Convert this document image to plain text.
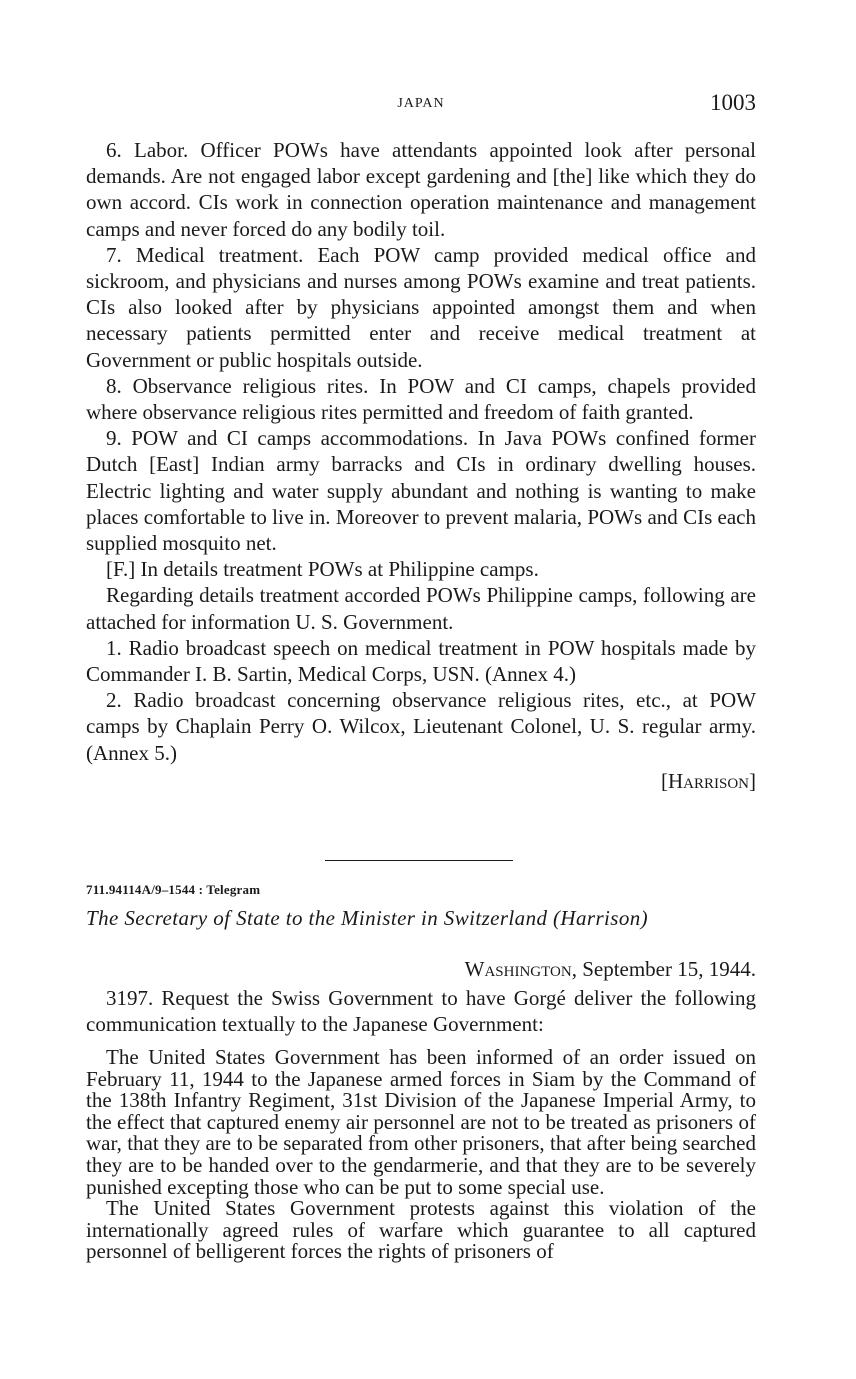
JAPAN	1003

6. Labor. Officer POWs have attendants appointed look after personal demands. Are not engaged labor except gardening and [the] like which they do own accord. CIs work in connection operation maintenance and management camps and never forced do any bodily toil.

7. Medical treatment. Each POW camp provided medical office and sickroom, and physicians and nurses among POWs examine and treat patients. CIs also looked after by physicians appointed amongst them and when necessary patients permitted enter and receive medical treatment at Government or public hospitals outside.

8. Observance religious rites. In POW and CI camps, chapels provided where observance religious rites permitted and freedom of faith granted.

9. POW and CI camps accommodations. In Java POWs confined former Dutch [East] Indian army barracks and CIs in ordinary dwelling houses. Electric lighting and water supply abundant and nothing is wanting to make places comfortable to live in. Moreover to prevent malaria, POWs and CIs each supplied mosquito net.

[F.] In details treatment POWs at Philippine camps.

Regarding details treatment accorded POWs Philippine camps, following are attached for information U. S. Government.

1. Radio broadcast speech on medical treatment in POW hospitals made by Commander I. B. Sartin, Medical Corps, USN. (Annex 4.)

2. Radio broadcast concerning observance religious rites, etc., at POW camps by Chaplain Perry O. Wilcox, Lieutenant Colonel, U. S. regular army. (Annex 5.)

[Harrison]
711.94114A/9–1544 : Telegram
The Secretary of State to the Minister in Switzerland (Harrison)
Washington, September 15, 1944.

3197. Request the Swiss Government to have Gorgé deliver the following communication textually to the Japanese Government:

The United States Government has been informed of an order issued on February 11, 1944 to the Japanese armed forces in Siam by the Command of the 138th Infantry Regiment, 31st Division of the Japanese Imperial Army, to the effect that captured enemy air personnel are not to be treated as prisoners of war, that they are to be separated from other prisoners, that after being searched they are to be handed over to the gendarmerie, and that they are to be severely punished excepting those who can be put to some special use.

The United States Government protests against this violation of the internationally agreed rules of warfare which guarantee to all captured personnel of belligerent forces the rights of prisoners of
